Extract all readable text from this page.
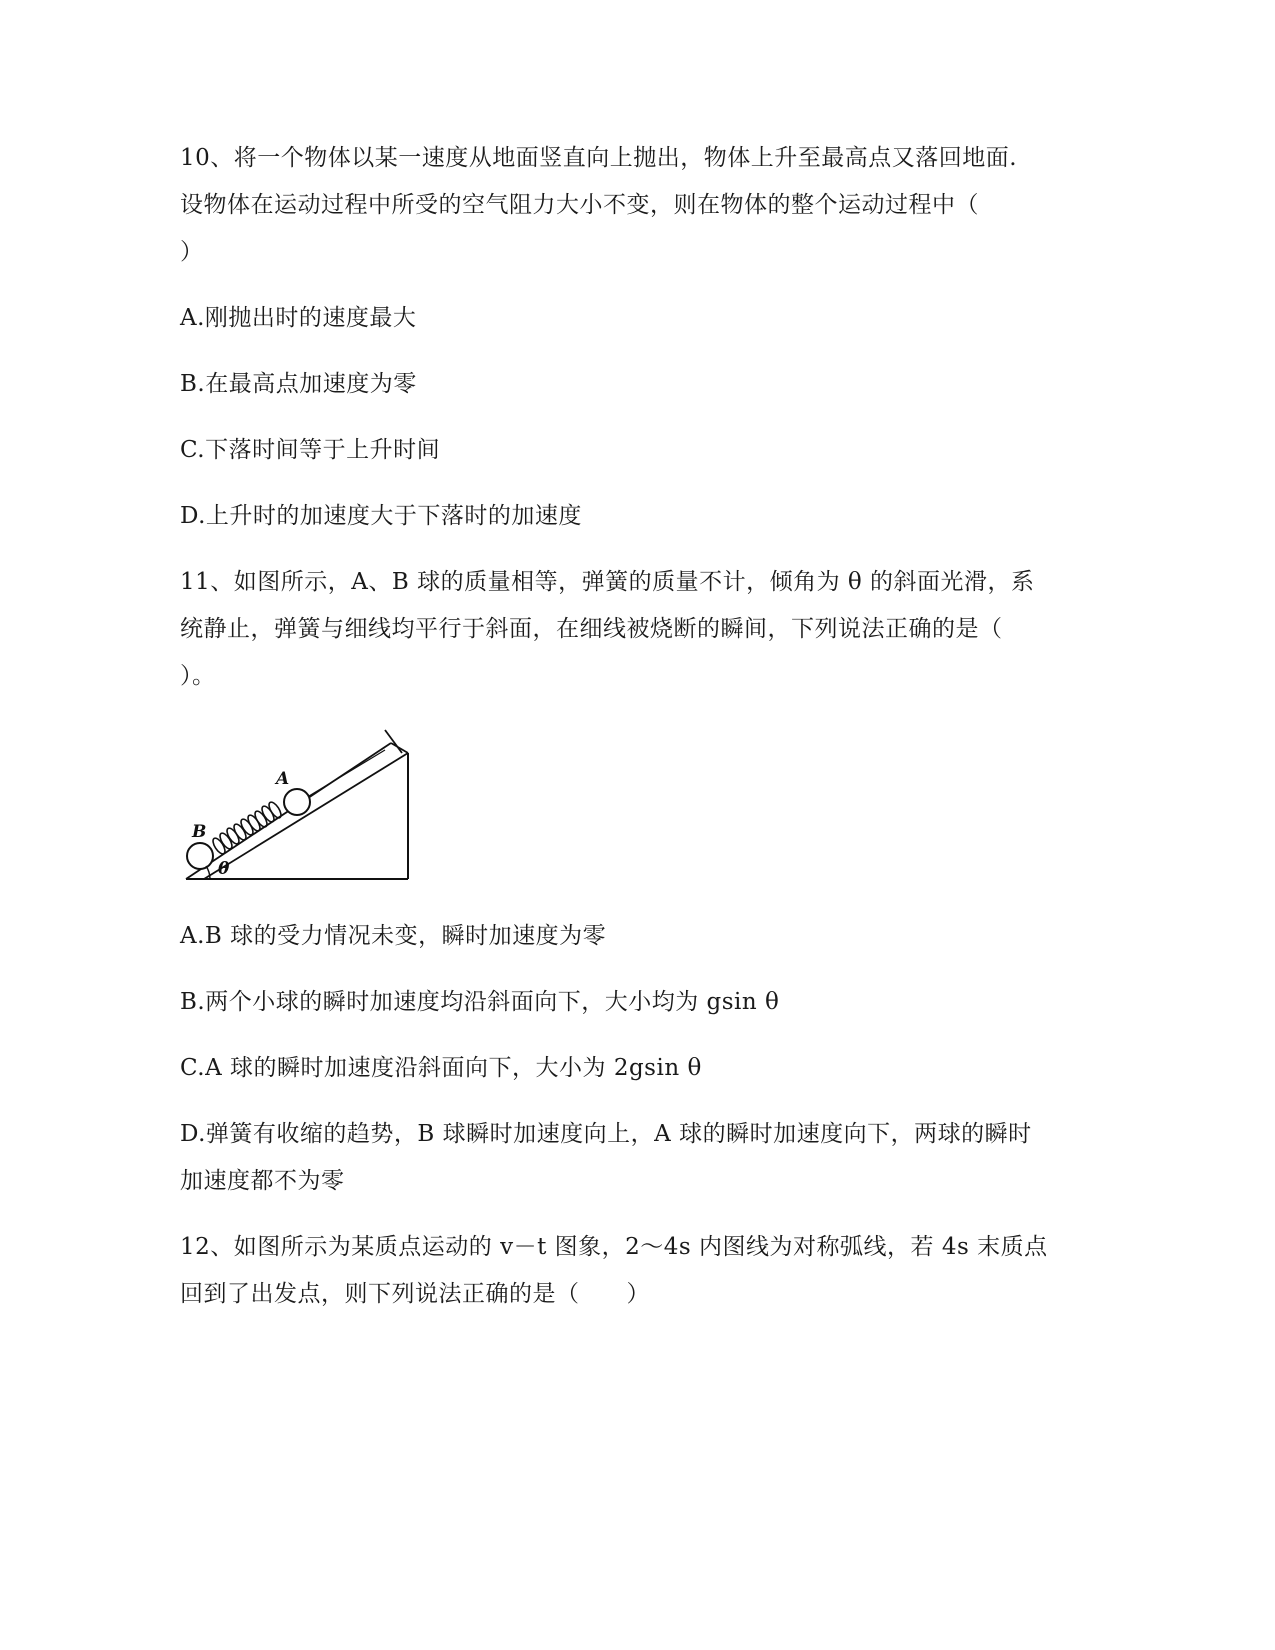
10、将一个物体以某一速度从地面竖直向上抛出，物体上升至最高点又落回地面.
设物体在运动过程中所受的空气阻力大小不变，则在物体的整个运动过程中（
）
A.刚抛出时的速度最大
B.在最高点加速度为零
C.下落时间等于上升时间
D.上升时的加速度大于下落时的加速度
11、如图所示，A、B 球的质量相等，弹簧的质量不计，倾角为 θ 的斜面光滑，系
统静止，弹簧与细线均平行于斜面，在细线被烧断的瞬间，下列说法正确的是（
）。
B
A
θ
A.B 球的受力情况未变，瞬时加速度为零
B.两个小球的瞬时加速度均沿斜面向下，大小均为 gsin θ
C.A 球的瞬时加速度沿斜面向下，大小为 2gsin θ
D.弹簧有收缩的趋势，B 球瞬时加速度向上，A 球的瞬时加速度向下，两球的瞬时
加速度都不为零
12、如图所示为某质点运动的 v－t 图象，2～4s 内图线为对称弧线，若 4s 末质点
回到了出发点，则下列说法正确的是（　　）
